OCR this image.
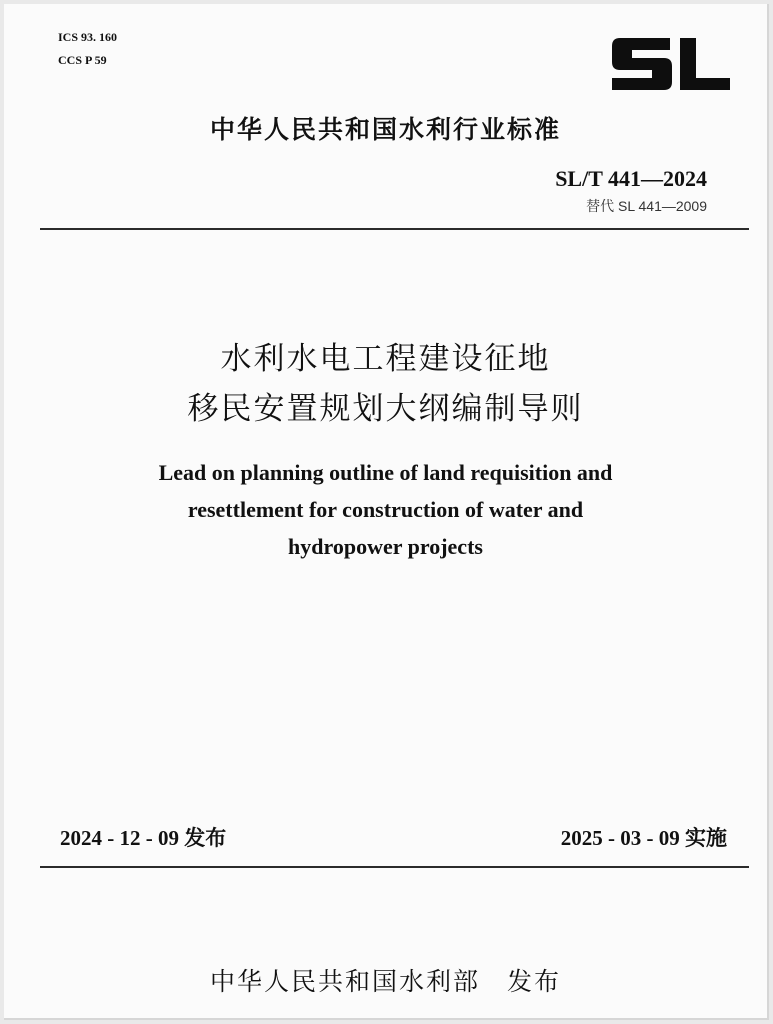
ICS 93. 160
CCS P 59
中华人民共和国水利行业标准
SL/T 441—2024
替代 SL 441—2009
水利水电工程建设征地
移民安置规划大纲编制导则
Lead on planning outline of land requisition and
resettlement for construction of water and
hydropower projects
2024 - 12 - 09 发布	2025 - 03 - 09 实施
中华人民共和国水利部　发布
